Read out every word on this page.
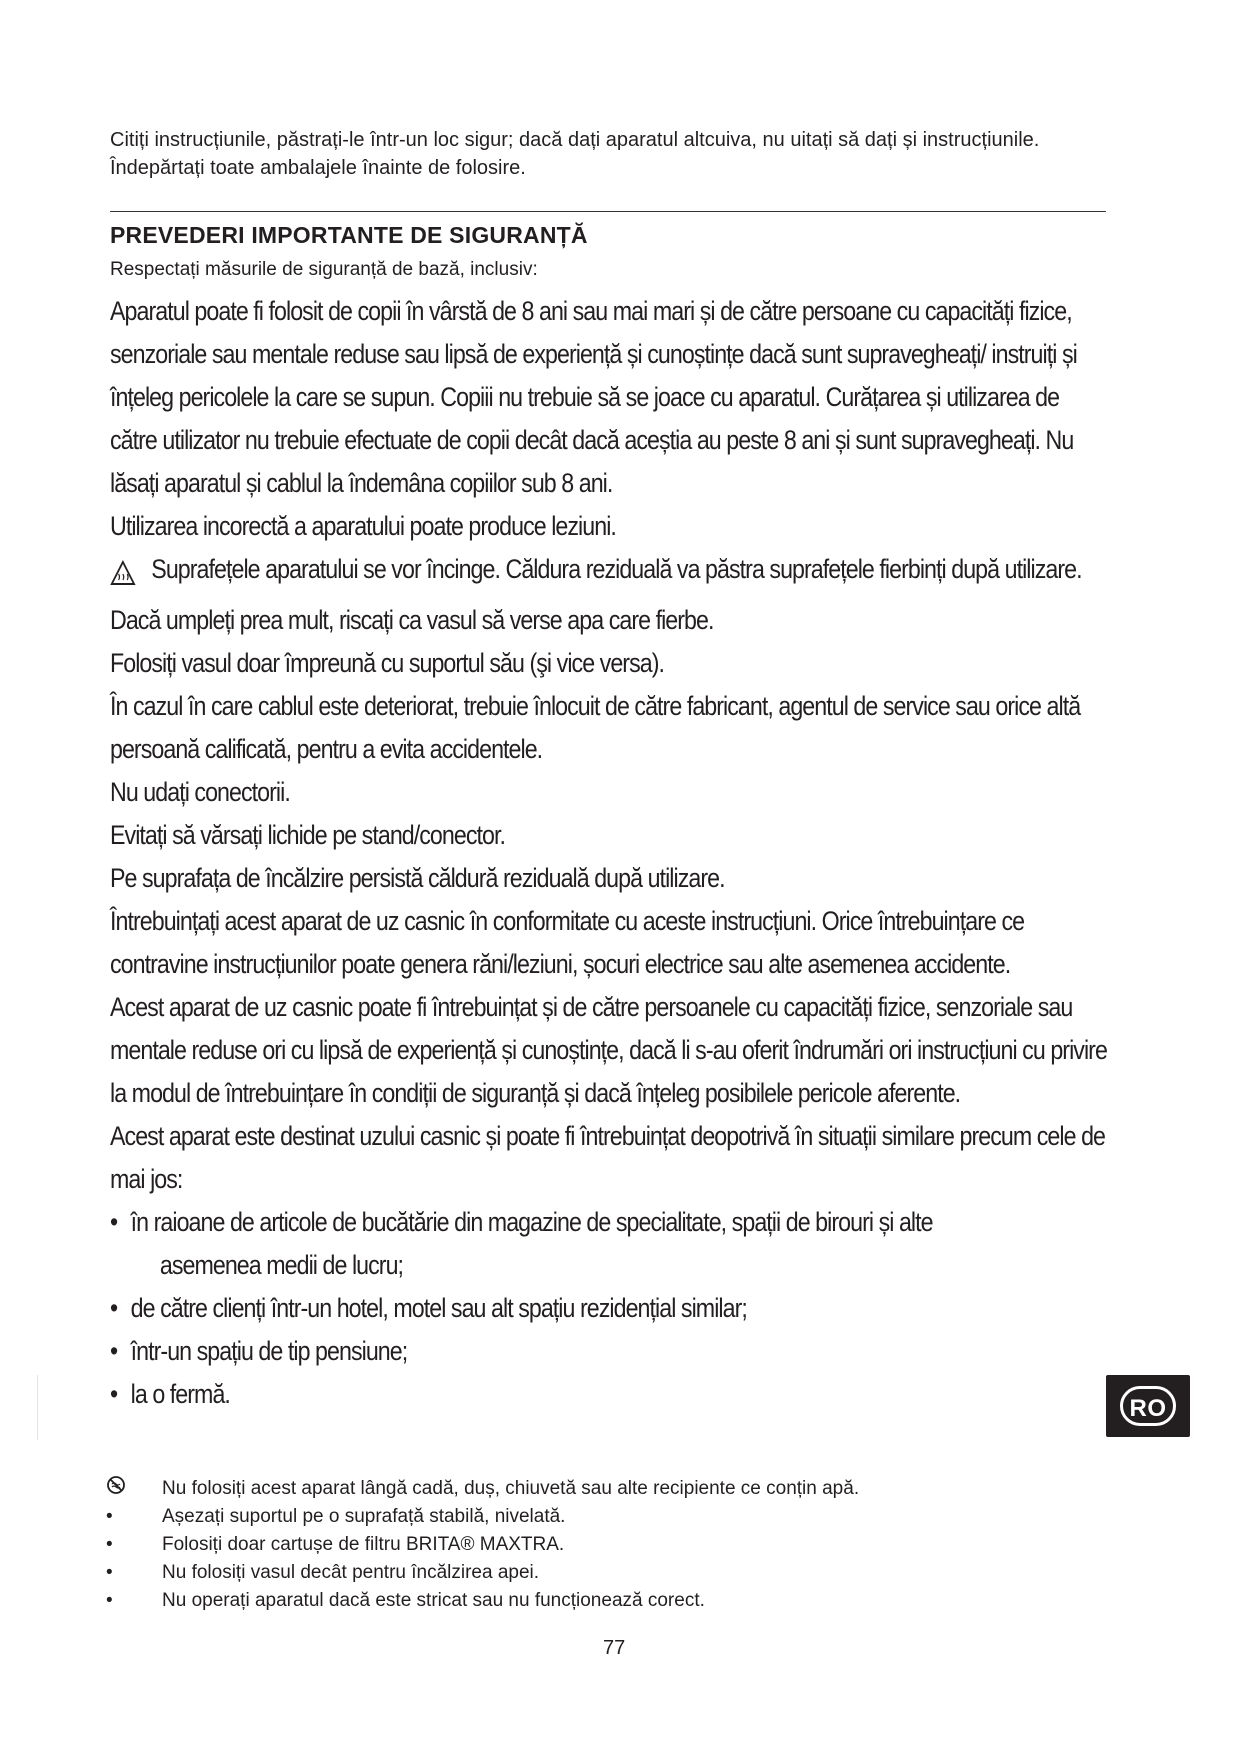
Citiți instrucțiunile, păstrați-le într-un loc sigur; dacă dați aparatul altcuiva, nu uitați să dați și instrucțiunile.

Îndepărtați toate ambalajele înainte de folosire.

PREVEDERI IMPORTANTE DE SIGURANȚĂ
Respectați măsurile de siguranță de bază, inclusiv:

Aparatul poate fi folosit de copii în vârstă de 8 ani sau mai mari și de către persoane cu capacități fizice, senzoriale sau mentale reduse sau lipsă de experiență și cunoștințe dacă sunt supravegheați/ instruiți și înțeleg pericolele la care se supun. Copiii nu trebuie să se joace cu aparatul. Curățarea și utilizarea de către utilizator nu trebuie efectuate de copii decât dacă aceștia au peste 8 ani și sunt supravegheați. Nu lăsați aparatul și cablul la îndemâna copiilor sub 8 ani.

Utilizarea incorectă a aparatului poate produce leziuni.

Suprafețele aparatului se vor încinge. Căldura reziduală va păstra suprafețele fierbinți după utilizare.

Dacă umpleți prea mult, riscați ca vasul să verse apa care fierbe.

Folosiți vasul doar împreună cu suportul său (şi vice versa).

În cazul în care cablul este deteriorat, trebuie înlocuit de către fabricant, agentul de service sau orice altă persoană calificată, pentru a evita accidentele.

Nu udați conectorii.

Evitați să vărsați lichide pe stand/conector.

Pe suprafața de încălzire persistă căldură reziduală după utilizare.

Întrebuințați acest aparat de uz casnic în conformitate cu aceste instrucțiuni. Orice întrebuințare ce contravine instrucțiunilor poate genera răni/leziuni, șocuri electrice sau alte asemenea accidente.

Acest aparat de uz casnic poate fi întrebuințat și de către persoanele cu capacități fizice, senzoriale sau mentale reduse ori cu lipsă de experiență și cunoștințe, dacă li s-au oferit îndrumări ori instrucțiuni cu privire la modul de întrebuințare în condiții de siguranță și dacă înțeleg posibilele pericole aferente.

Acest aparat este destinat uzului casnic și poate fi întrebuințat deopotrivă în situații similare precum cele de mai jos:

• în raioane de articole de bucătărie din magazine de specialitate, spații de birouri și alte
asemenea medii de lucru;
• de către clienți într-un hotel, motel sau alt spațiu rezidențial similar;
• într-un spațiu de tip pensiune;
• la o fermă.
Nu folosiți acest aparat lângă cadă, duș, chiuvetă sau alte recipiente ce conțin apă.
•	Așezați suportul pe o suprafață stabilă, nivelată.
•	Folosiți doar cartușe de filtru BRITA® MAXTRA.
•	Nu folosiți vasul decât pentru încălzirea apei.
•	Nu operați aparatul dacă este stricat sau nu funcționează corect.
RO
77
